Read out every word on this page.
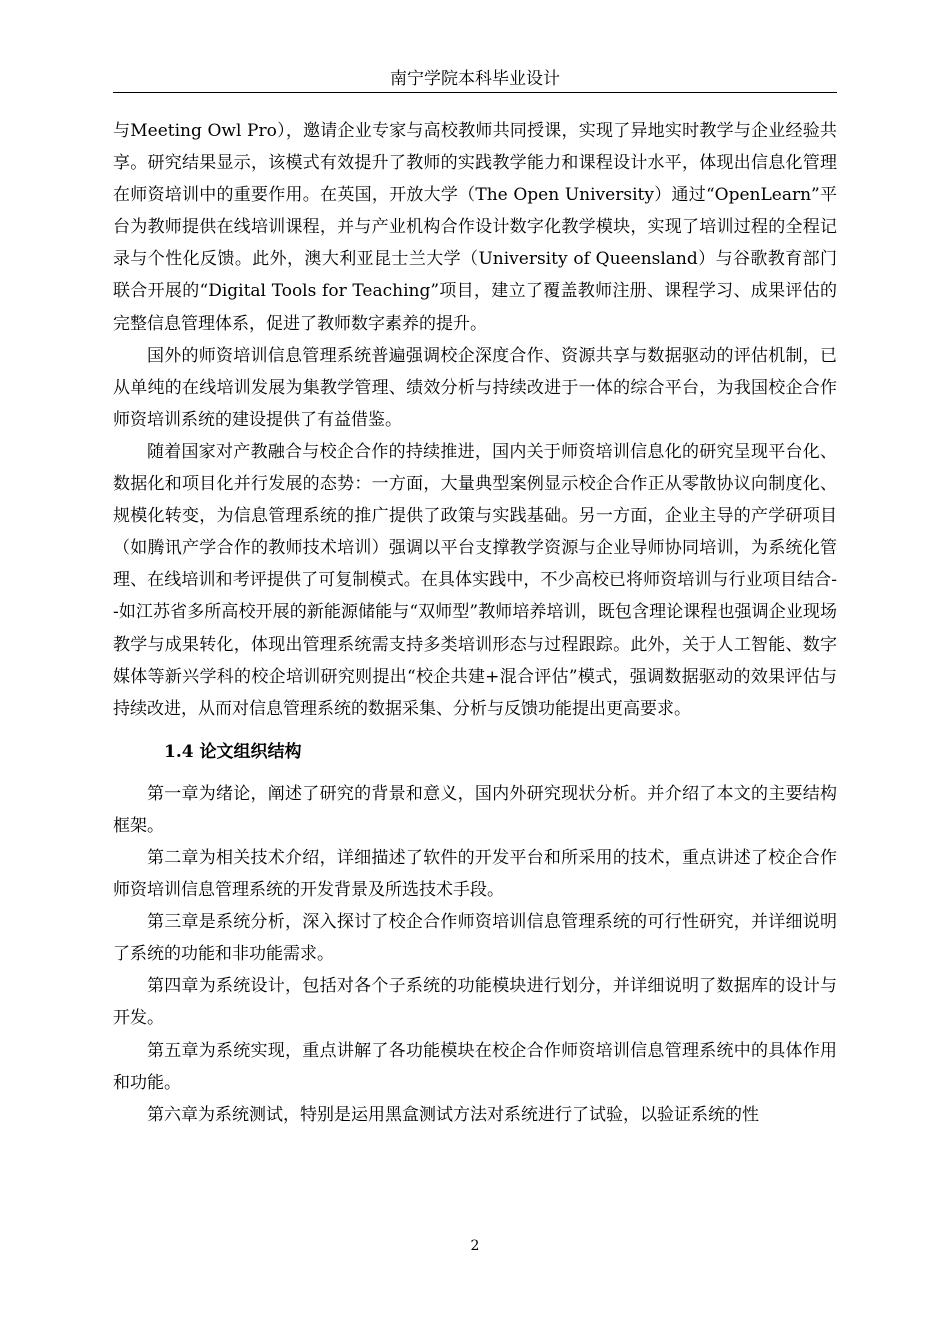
南宁学院本科毕业设计

与Meeting Owl Pro），邀请企业专家与高校教师共同授课，实现了异地实时教学与企业经验共享。研究结果显示，该模式有效提升了教师的实践教学能力和课程设计水平，体现出信息化管理在师资培训中的重要作用。在英国，开放大学（The Open University）通过“OpenLearn”平台为教师提供在线培训课程，并与产业机构合作设计数字化教学模块，实现了培训过程的全程记录与个性化反馈。此外，澳大利亚昆士兰大学（University of Queensland）与谷歌教育部门联合开展的“Digital Tools for Teaching”项目，建立了覆盖教师注册、课程学习、成果评估的完整信息管理体系，促进了教师数字素养的提升。

国外的师资培训信息管理系统普遍强调校企深度合作、资源共享与数据驱动的评估机制，已从单纯的在线培训发展为集教学管理、绩效分析与持续改进于一体的综合平台，为我国校企合作师资培训系统的建设提供了有益借鉴。

随着国家对产教融合与校企合作的持续推进，国内关于师资培训信息化的研究呈现平台化、数据化和项目化并行发展的态势：一方面，大量典型案例显示校企合作正从零散协议向制度化、规模化转变，为信息管理系统的推广提供了政策与实践基础。另一方面，企业主导的产学研项目（如腾讯产学合作的教师技术培训）强调以平台支撑教学资源与企业导师协同培训，为系统化管理、在线培训和考评提供了可复制模式。在具体实践中，不少高校已将师资培训与行业项目结合--如江苏省多所高校开展的新能源储能与“双师型”教师培养培训，既包含理论课程也强调企业现场教学与成果转化，体现出管理系统需支持多类培训形态与过程跟踪。此外，关于人工智能、数字媒体等新兴学科的校企培训研究则提出“校企共建+混合评估”模式，强调数据驱动的效果评估与持续改进，从而对信息管理系统的数据采集、分析与反馈功能提出更高要求。

1.4 论文组织结构

第一章为绪论，阐述了研究的背景和意义，国内外研究现状分析。并介绍了本文的主要结构框架。

第二章为相关技术介绍，详细描述了软件的开发平台和所采用的技术，重点讲述了校企合作师资培训信息管理系统的开发背景及所选技术手段。

第三章是系统分析，深入探讨了校企合作师资培训信息管理系统的可行性研究，并详细说明了系统的功能和非功能需求。

第四章为系统设计，包括对各个子系统的功能模块进行划分，并详细说明了数据库的设计与开发。

第五章为系统实现，重点讲解了各功能模块在校企合作师资培训信息管理系统中的具体作用和功能。

第六章为系统测试，特别是运用黑盒测试方法对系统进行了试验，以验证系统的性

2
